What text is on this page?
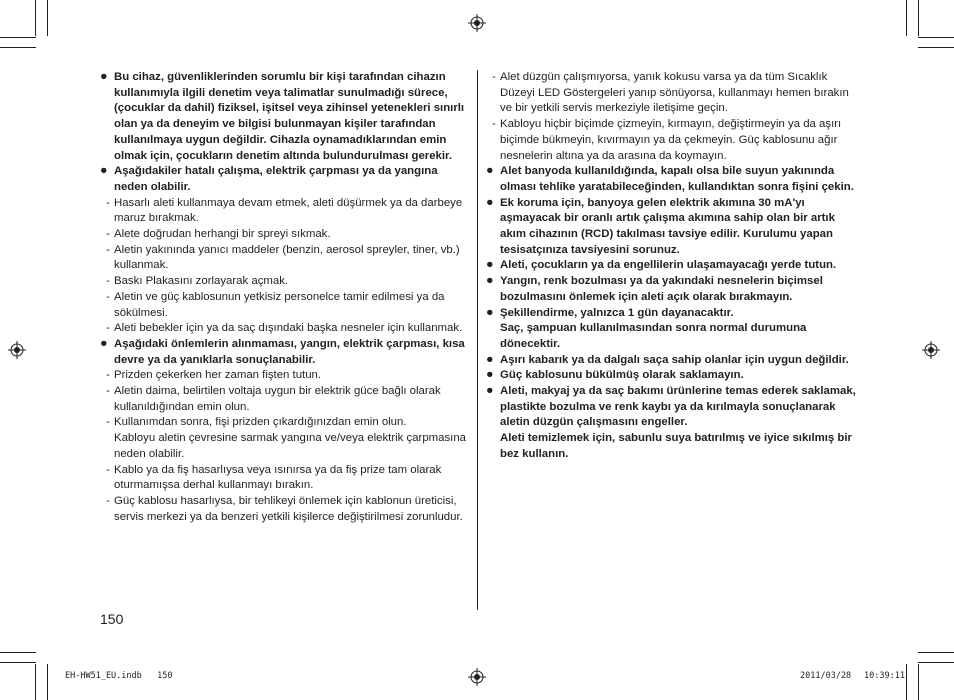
● Bu cihaz, güvenliklerinden sorumlu bir kişi tarafından cihazın kullanımıyla ilgili denetim veya talimatlar sunulmadığı sürece, (çocuklar da dahil) fiziksel, işitsel veya zihinsel yetenekleri sınırlı olan ya da deneyim ve bilgisi bulunmayan kişiler tarafından kullanılmaya uygun değildir. Cihazla oynamadıklarından emin olmak için, çocukların denetim altında bulundurulması gerekir.
● Aşağıdakiler hatalı çalışma, elektrik çarpması ya da yangına neden olabilir.
- Hasarlı aleti kullanmaya devam etmek, aleti düşürmek ya da darbeye maruz bırakmak.
- Alete doğrudan herhangi bir spreyi sıkmak.
- Aletin yakınında yanıcı maddeler (benzin, aerosol spreyler, tiner, vb.) kullanmak.
- Baskı Plakasını zorlayarak açmak.
- Aletin ve güç kablosunun yetkisiz personelce tamir edilmesi ya da sökülmesi.
- Aleti bebekler için ya da saç dışındaki başka nesneler için kullanmak.
● Aşağıdaki önlemlerin alınmaması, yangın, elektrik çarpması, kısa devre ya da yanıklarla sonuçlanabilir.
- Prizden çekerken her zaman fişten tutun.
- Aletin daima, belirtilen voltaja uygun bir elektrik güce bağlı olarak kullanıldığından emin olun.
- Kullanımdan sonra, fişi prizden çıkardığınızdan emin olun.
Kabloyu aletin çevresine sarmak yangına ve/veya elektrik çarpmasına neden olabilir.
- Kablo ya da fiş hasarlıysa veya ısınırsa ya da fiş prize tam olarak oturmamışsa derhal kullanmayı bırakın.
- Güç kablosu hasarlıysa, bir tehlikeyi önlemek için kablonun üreticisi, servis merkezi ya da benzeri yetkili kişilerce değiştirilmesi zorunludur.
- Alet düzgün çalışmıyorsa, yanık kokusu varsa ya da tüm Sıcaklık Düzeyi LED Göstergeleri yanıp sönüyorsa, kullanmayı hemen bırakın ve bir yetkili servis merkeziyle iletişime geçin.
- Kabloyu hiçbir biçimde çizmeyin, kırmayın, değiştirmeyin ya da aşırı biçimde bükmeyin, kıvırmayın ya da çekmeyin. Güç kablosunu ağır nesnelerin altına ya da arasına da koymayın.
● Alet banyoda kullanıldığında, kapalı olsa bile suyun yakınında olması tehlike yaratabileceğinden, kullandıktan sonra fişini çekin.
● Ek koruma için, banyoya gelen elektrik akımına 30 mA'yı aşmayacak bir oranlı artık çalışma akımına sahip olan bir artık akım cihazının (RCD) takılması tavsiye edilir. Kurulumu yapan tesisatçınıza tavsiyesini sorunuz.
● Aleti, çocukların ya da engellilerin ulaşamayacağı yerde tutun.
● Yangın, renk bozulması ya da yakındaki nesnelerin biçimsel bozulmasını önlemek için aleti açık olarak bırakmayın.
● Şekillendirme, yalnızca 1 gün dayanacaktır.
Saç, şampuan kullanılmasından sonra normal durumuna dönecektir.
● Aşırı kabarık ya da dalgalı saça sahip olanlar için uygun değildir.
● Güç kablosunu bükülmüş olarak saklamayın.
● Aleti, makyaj ya da saç bakımı ürünlerine temas ederek saklamak, plastikte bozulma ve renk kaybı ya da kırılmayla sonuçlanarak aletin düzgün çalışmasını engeller.
Aleti temizlemek için, sabunlu suya batırılmış ve iyice sıkılmış bir bez kullanın.
150
EH-HW51_EU.indb   150	2011/03/28 10:39:11
